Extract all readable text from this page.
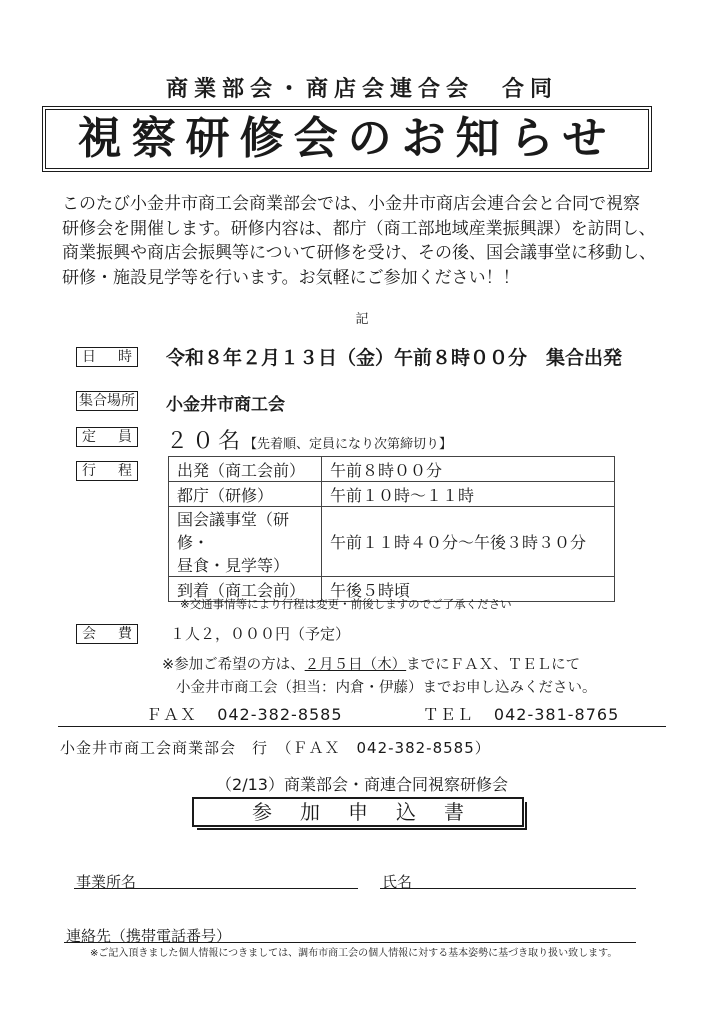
商業部会・商店会連合会　合同
視察研修会のお知らせ
このたび小金井市商工会商業部会では、小金井市商店会連合会と合同で視察
研修会を開催します。研修内容は、都庁（商工部地域産業振興課）を訪問し、
商業振興や商店会振興等について研修を受け、その後、国会議事堂に移動し、
研修・施設見学等を行います。お気軽にご参加ください！！
記
日 時 令和８年２月１３日（金）午前８時００分　集合出発
集合場所 小金井市商工会
定 員 ２０名【先着順、定員になり次第締切り】
行 程	出発（商工会前）	午前８時００分
都庁（研修）	午前１０時～１１時

国会議事堂（研修・
昼食・見学等）	午前１１時４０分～午後３時３０分
到着（商工会前）	午後５時頃
※交通事情等により行程は変更・前後しますのでご了承ください
会 費	１人２，０００円（予定）
※参加ご希望の方は、２月５日（木）までにＦＡＸ、ＴＥＬにて
小金井市商工会（担当：内倉・伊藤）までお申し込みください。
ＦＡＸ 042-382-8585	ＴＥＬ 042-381-8765
小金井市商工会商業部会　行　（ＦＡＸ　042-382-8585）
（2/13）商業部会・商連合同視察研修会
参加申込書
事業所名	氏名
連絡先（携帯電話番号）
※ご記入頂きました個人情報につきましては、調布市商工会の個人情報に対する基本姿勢に基づき取り扱い致します。
